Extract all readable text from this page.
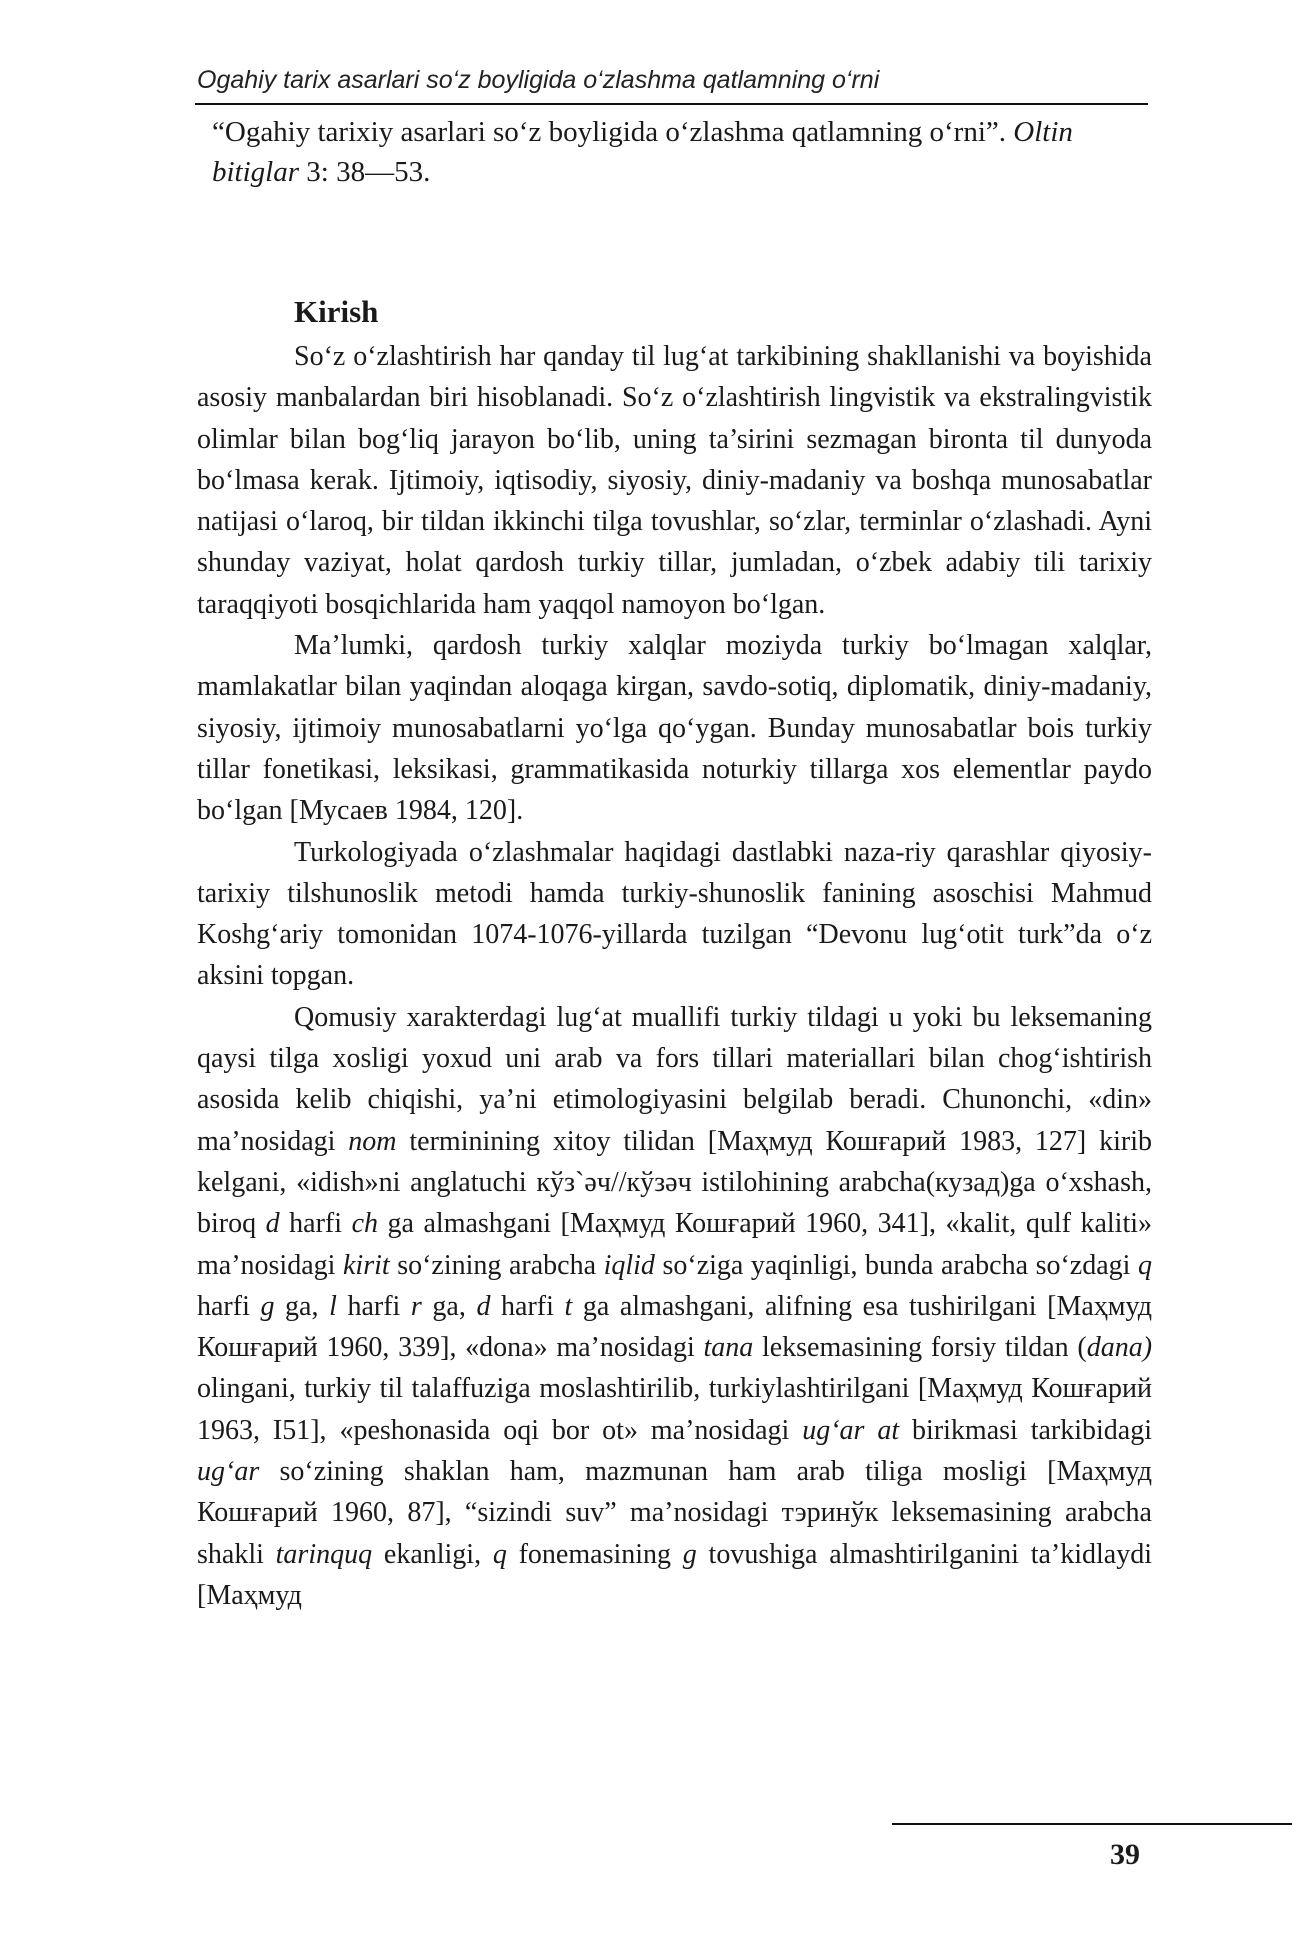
Ogahiy tarix asarlari so‘z boyligida o‘zlashma qatlamning o‘rni
“Ogahiy tarixiy asarlari so‘z boyligida o‘zlashma qatlamning o‘rni”. Oltin bitiglar 3: 38—53.
Kirish

So‘z o‘zlashtirish har qanday til lug‘at tarkibining shakllanishi va boyishida asosiy manbalardan biri hisoblanadi. So‘z o‘zlashtirish lingvistik va ekstralingvistik olimlar bilan bog‘liq jarayon bo‘lib, uning ta’sirini sezmagan bironta til dunyoda bo‘lmasa kerak. Ijtimoiy, iqtisodiy, siyosiy, diniy-madaniy va boshqa munosabatlar natijasi o‘laroq, bir tildan ikkinchi tilga tovushlar, so‘zlar, terminlar o‘zlashadi. Ayni shunday vaziyat, holat qardosh turkiy tillar, jumladan, o‘zbek adabiy tili tarixiy taraqqiyoti bosqichlarida ham yaqqol namoyon bo‘lgan.

Ma’lumki, qardosh turkiy xalqlar moziyda turkiy bo‘lmagan xalqlar, mamlakatlar bilan yaqindan aloqaga kirgan, savdo-sotiq, diplomatik, diniy-madaniy, siyosiy, ijtimoiy munosabatlarni yo‘lga qo‘ygan. Bunday munosabatlar bois turkiy tillar fonetikasi, leksikasi, grammatikasida noturkiy tillarga xos elementlar paydo bo‘lgan [Мусаев 1984, 120].

Turkologiyada o‘zlashmalar haqidagi dastlabki naza-riy qarashlar qiyosiy-tarixiy tilshunoslik metodi hamda turkiy-shunoslik fanining asoschisi Mahmud Koshg‘ariy tomonidan 1074-1076-yillarda tuzilgan “Devonu lug‘otit turk”da o‘z aksini topgan.

Qomusiy xarakterdagi lug‘at muallifi turkiy tildagi u yoki bu leksemaning qaysi tilga xosligi yoxud uni arab va fors tillari materiallari bilan chog‘ishtirish asosida kelib chiqishi, ya’ni etimologiyasini belgilab beradi. Chunonchi, «din» ma’nosidagi nom terminining xitoy tilidan [Маҳмуд Кошғарий 1983, 127] kirib kelgani, «idish»ni anglatuchi кўз`әч//кўзәч istilohining arabcha(кузад)ga o‘xshash, biroq d harfi ch ga almashgani [Маҳмуд Кошғарий 1960, 341], «kalit, qulf kaliti» ma’nosidagi kirit so‘zining arabcha iqlid so‘ziga yaqinligi, bunda arabcha so‘zdagi q harfi g ga, l harfi r ga, d harfi t ga almashgani, alifning esa tushirilgani [Маҳмуд Кошғарий 1960, 339], «dona» ma’nosidagi tana leksemasining forsiy tildan (dana) olingani, turkiy til talaffuziga moslashtirilib, turkiylashtirilgani [Маҳмуд Кошғарий 1963, I51], «peshonasida oqi bor ot» ma’nosidagi ug‘ar at birikmasi tarkibidagi ug‘ar so‘zining shaklan ham, mazmunan ham arab tiliga mosligi [Маҳмуд Кошғарий 1960, 87], “sizindi suv” ma’nosidagi тэринўк leksemasining arabcha shakli tarinquq ekanligi, q fonemasining g tovushiga almashtirilganini ta’kidlaydi [Маҳмуд

39
